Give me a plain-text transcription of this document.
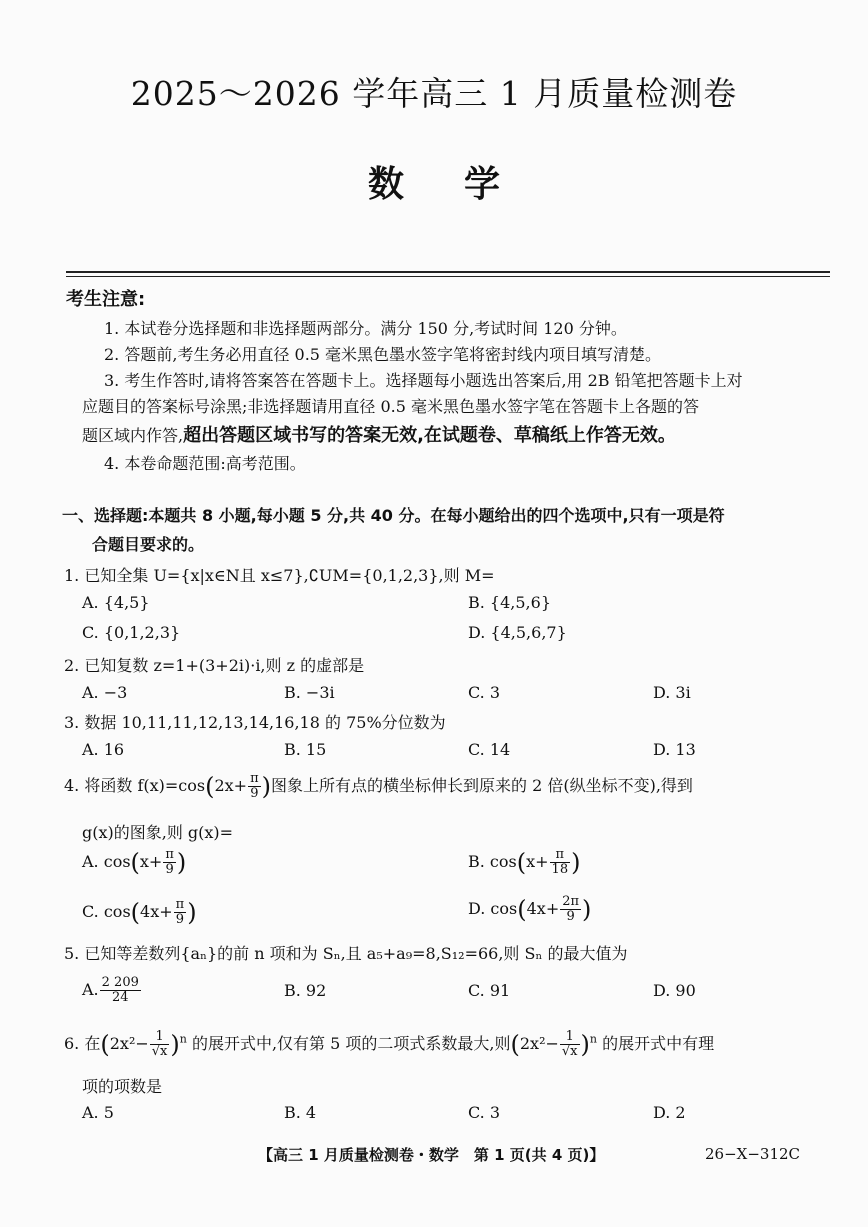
2025～2026 学年高三 1 月质量检测卷
数学
考生注意:
1. 本试卷分选择题和非选择题两部分。满分 150 分,考试时间 120 分钟。
2. 答题前,考生务必用直径 0.5 毫米黑色墨水签字笔将密封线内项目填写清楚。
3. 考生作答时,请将答案答在答题卡上。选择题每小题选出答案后,用 2B 铅笔把答题卡上对
应题目的答案标号涂黑;非选择题请用直径 0.5 毫米黑色墨水签字笔在答题卡上各题的答
题区域内作答,超出答题区域书写的答案无效,在试题卷、草稿纸上作答无效。
4. 本卷命题范围:高考范围。
一、选择题:本题共 8 小题,每小题 5 分,共 40 分。在每小题给出的四个选项中,只有一项是符
合题目要求的。
1. 已知全集 U={x|x∈N且 x≤7},∁UM={0,1,2,3},则 M=
A. {4,5}	B. {4,5,6}
C. {0,1,2,3}	D. {4,5,6,7}
2. 已知复数 z=1+(3+2i)·i,则 z 的虚部是
A. −3	B. −3i	C. 3	D. 3i
3. 数据 10,11,11,12,13,14,16,18 的 75%分位数为
A. 16	B. 15	C. 14	D. 13
4. 将函数 $f(x)=\cos(2x+ \frac{\pi}{9}$ )图象上所有点的横坐标伸长到原来的 2 倍(纵坐标不变),得到
g(x)的图象,则 g(x)=
A. $\cos(x+ \frac{\pi}{9}$ )	B. $\cos(x+ \frac{\pi}{18}$ )
C. $\cos(4x+ \frac{\pi}{9}$ )	D. $\cos(4x+ \frac{2\pi}{9}$ )
5. 已知等差数列{aₙ}的前 n 项和为 Sₙ,且 a₅+a₉=8,S₁₂=66,则 Sₙ 的最大值为
A. $\frac{2 209}{24}$	B. 92	C. 91	D. 90
6. 在$(2x^2- \frac{1}{√x} )^n$ 的展开式中,仅有第 5 项的二项式系数最大,则$(2x^2- \frac{1}{√x} )^n$ 的展开式中有理
项的项数是
A. 5	B. 4	C. 3	D. 2
【高三 1 月质量检测卷・数学　第 1 页(共 4 页)】	26−X−312C
